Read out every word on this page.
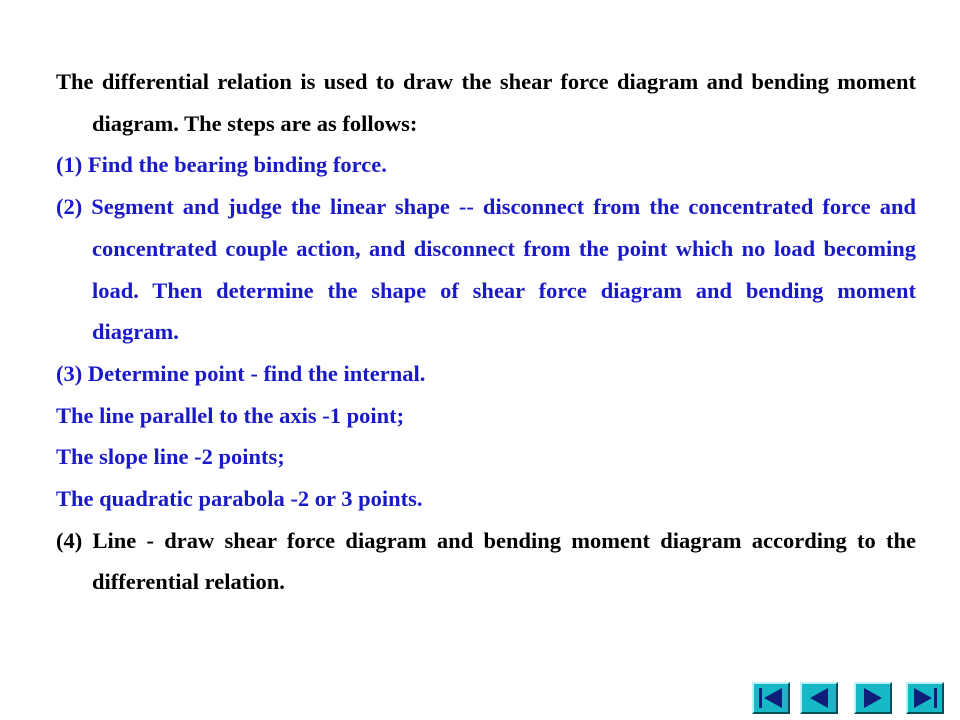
The differential relation is used to draw the shear force diagram and bending moment diagram. The steps are as follows:

(1) Find the bearing binding force.

(2) Segment and judge the linear shape -- disconnect from the concentrated force and concentrated couple action, and disconnect from the point which no load becoming load. Then determine the shape of shear force diagram and bending moment diagram.

(3) Determine point - find the internal.

The line parallel to the axis -1 point;

The slope line -2 points;

The quadratic parabola -2 or 3 points.

(4) Line - draw shear force diagram and bending moment diagram according to the differential relation.
